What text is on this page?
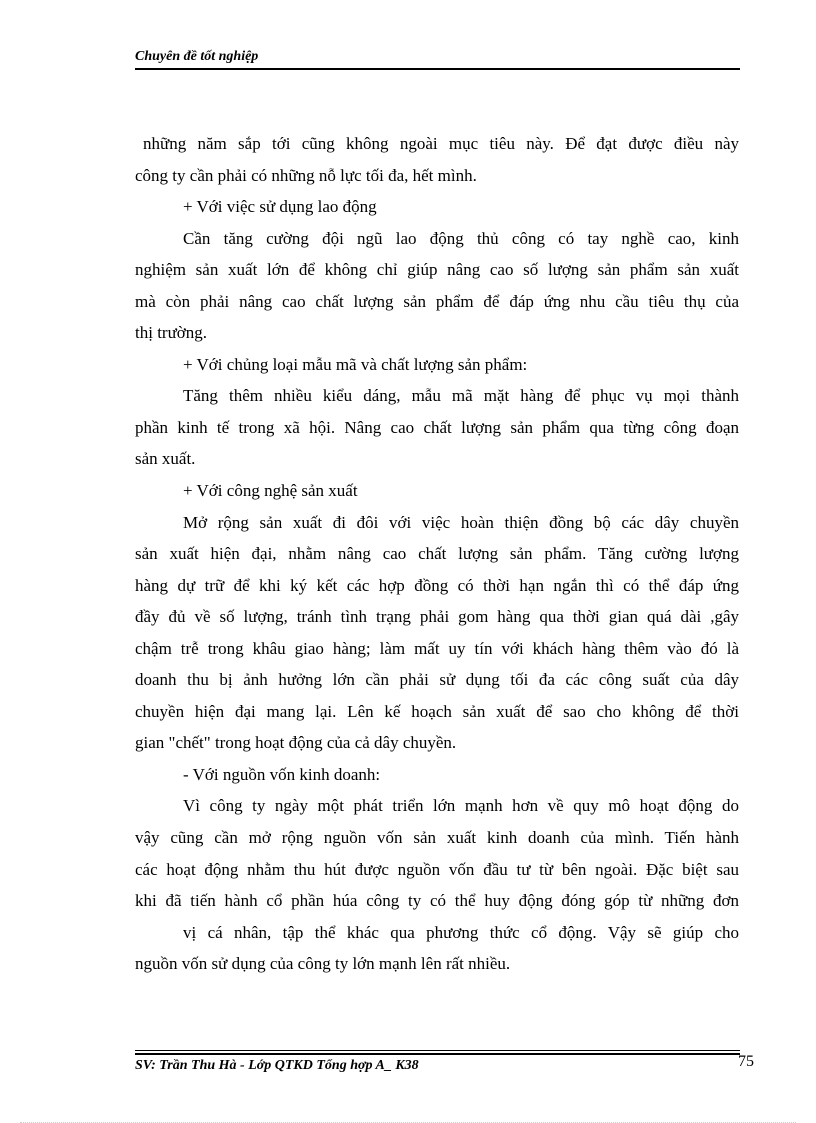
Chuyên đề tốt nghiệp
những năm sắp tới cũng không ngoài mục tiêu này. Để đạt được điều này
công ty cần phải có những nỗ lực tối đa, hết mình.
+ Với việc sử dụng lao động
Cần tăng cường đội ngũ lao động thủ công có tay nghề cao, kinh
nghiệm sản xuất lớn để không chỉ giúp nâng cao số lượng sản phẩm sản xuất
mà còn phải nâng cao chất lượng sản phẩm để đáp ứng nhu cầu tiêu thụ của
thị trường.
+ Với chủng loại mẫu mã và chất lượng sản phẩm:
Tăng thêm nhiều kiểu dáng, mẫu mã mặt hàng để phục vụ mọi thành
phần kinh tế trong xã hội. Nâng cao chất lượng sản phẩm qua từng công đoạn
sản xuất.
+ Với công nghệ sản xuất
Mở rộng sản xuất đi đôi với việc hoàn thiện đồng bộ các dây chuyền
sản xuất hiện đại, nhằm nâng cao chất lượng sản phẩm. Tăng cường lượng
hàng dự trữ để khi ký kết các hợp đồng có thời hạn ngắn thì có thể đáp ứng
đầy đủ về số lượng, tránh tình trạng phải gom hàng qua thời gian quá dài ,gây
chậm trễ trong khâu giao hàng; làm mất uy tín với khách hàng thêm vào đó là
doanh thu bị ảnh hưởng lớn cần phải sử dụng tối đa các công suất của dây
chuyền hiện đại mang lại. Lên kế hoạch sản xuất để sao cho không để thời
gian "chết" trong hoạt động của cả dây chuyền.
- Với nguồn vốn kinh doanh:
Vì công ty ngày một phát triển lớn mạnh hơn về quy mô hoạt động do
vậy cũng cần mở rộng nguồn vốn sản xuất kinh doanh của mình. Tiến hành
các hoạt động nhằm thu hút được nguồn vốn đầu tư từ bên ngoài. Đặc biệt sau
khi đã tiến hành cổ phần húa công ty có thể huy động đóng góp từ những đơn
vị cá nhân, tập thể khác qua phương thức cổ động. Vậy sẽ giúp cho
nguồn vốn sử dụng của công ty lớn mạnh lên rất nhiều.
SV: Trần Thu Hà - Lớp QTKD Tổng hợp A_ K38	75
